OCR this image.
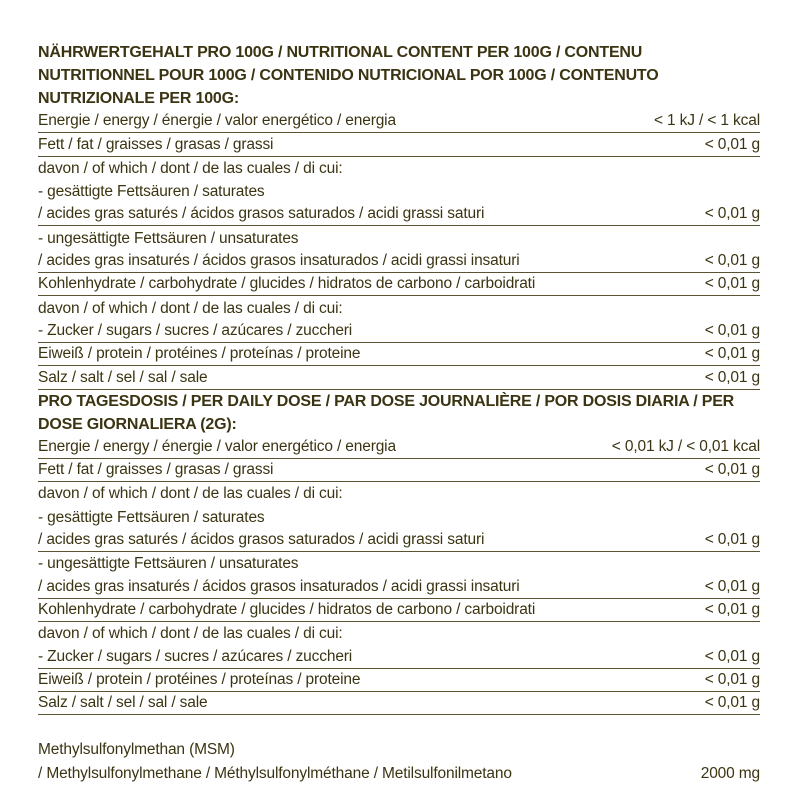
NÄHRWERTGEHALT PRO 100G / NUTRITIONAL CONTENT PER 100G / CONTENU NUTRITIONNEL POUR 100G / CONTENIDO NUTRICIONAL POR 100G / CONTENUTO NUTRIZIONALE PER 100G:

Energie / energy / énergie / valor energético / energia	< 1 kJ / < 1 kcal
Fett / fat / graisses / grasas / grassi	< 0,01 g
davon / of which / dont / de las cuales / di cui:
- gesättigte Fettsäuren / saturates
/ acides gras saturés / ácidos grasos saturados / acidi grassi saturi	< 0,01 g
- ungesättigte Fettsäuren / unsaturates
/ acides gras insaturés / ácidos grasos insaturados / acidi grassi insaturi	< 0,01 g
Kohlenhydrate / carbohydrate / glucides / hidratos de carbono / carboidrati	< 0,01 g
davon / of which / dont / de las cuales / di cui:
- Zucker / sugars / sucres / azúcares / zuccheri	< 0,01 g
Eiweiß / protein / protéines / proteínas / proteine	< 0,01 g
Salz / salt / sel / sal / sale	< 0,01 g

PRO TAGESDOSIS / PER DAILY DOSE / PAR DOSE JOURNALIÈRE / POR DOSIS DIARIA / PER DOSE GIORNALIERA (2G):

Energie / energy / énergie / valor energético / energia	< 0,01 kJ / < 0,01 kcal
Fett / fat / graisses / grasas / grassi	< 0,01 g
davon / of which / dont / de las cuales / di cui:
- gesättigte Fettsäuren / saturates
/ acides gras saturés / ácidos grasos saturados / acidi grassi saturi	< 0,01 g
- ungesättigte Fettsäuren / unsaturates
/ acides gras insaturés / ácidos grasos insaturados / acidi grassi insaturi	< 0,01 g
Kohlenhydrate / carbohydrate / glucides / hidratos de carbono / carboidrati	< 0,01 g
davon / of which / dont / de las cuales / di cui:
- Zucker / sugars / sucres / azúcares / zuccheri	< 0,01 g
Eiweiß / protein / protéines / proteínas / proteine	< 0,01 g
Salz / salt / sel / sal / sale	< 0,01 g
Methylsulfonylmethan (MSM)
/ Methylsulfonylmethane / Méthylsulfonylméthane / Metilsulfonilmetano	2000 mg
